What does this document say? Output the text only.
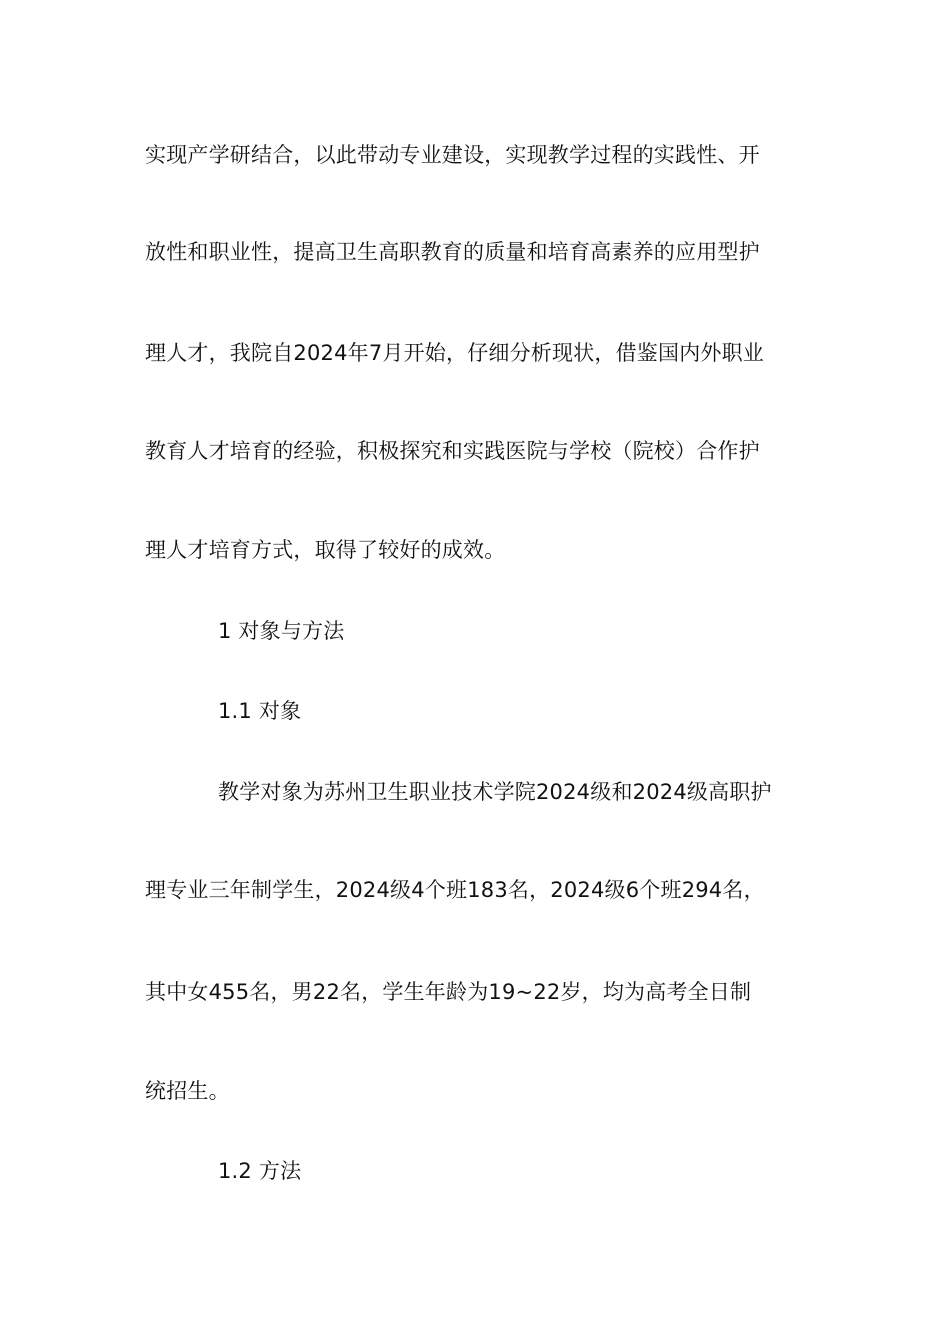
实现产学研结合，以此带动专业建设，实现教学过程的实践性、开
放性和职业性，提高卫生高职教育的质量和培育高素养的应用型护
理人才，我院自2024年7月开始，仔细分析现状，借鉴国内外职业
教育人才培育的经验，积极探究和实践医院与学校（院校）合作护
理人才培育方式，取得了较好的成效。
1 对象与方法
1.1 对象
教学对象为苏州卫生职业技术学院2024级和2024级高职护
理专业三年制学生，2024级4个班183名，2024级6个班294名，
其中女455名，男22名，学生年龄为19~22岁，均为高考全日制
统招生。
1.2 方法
